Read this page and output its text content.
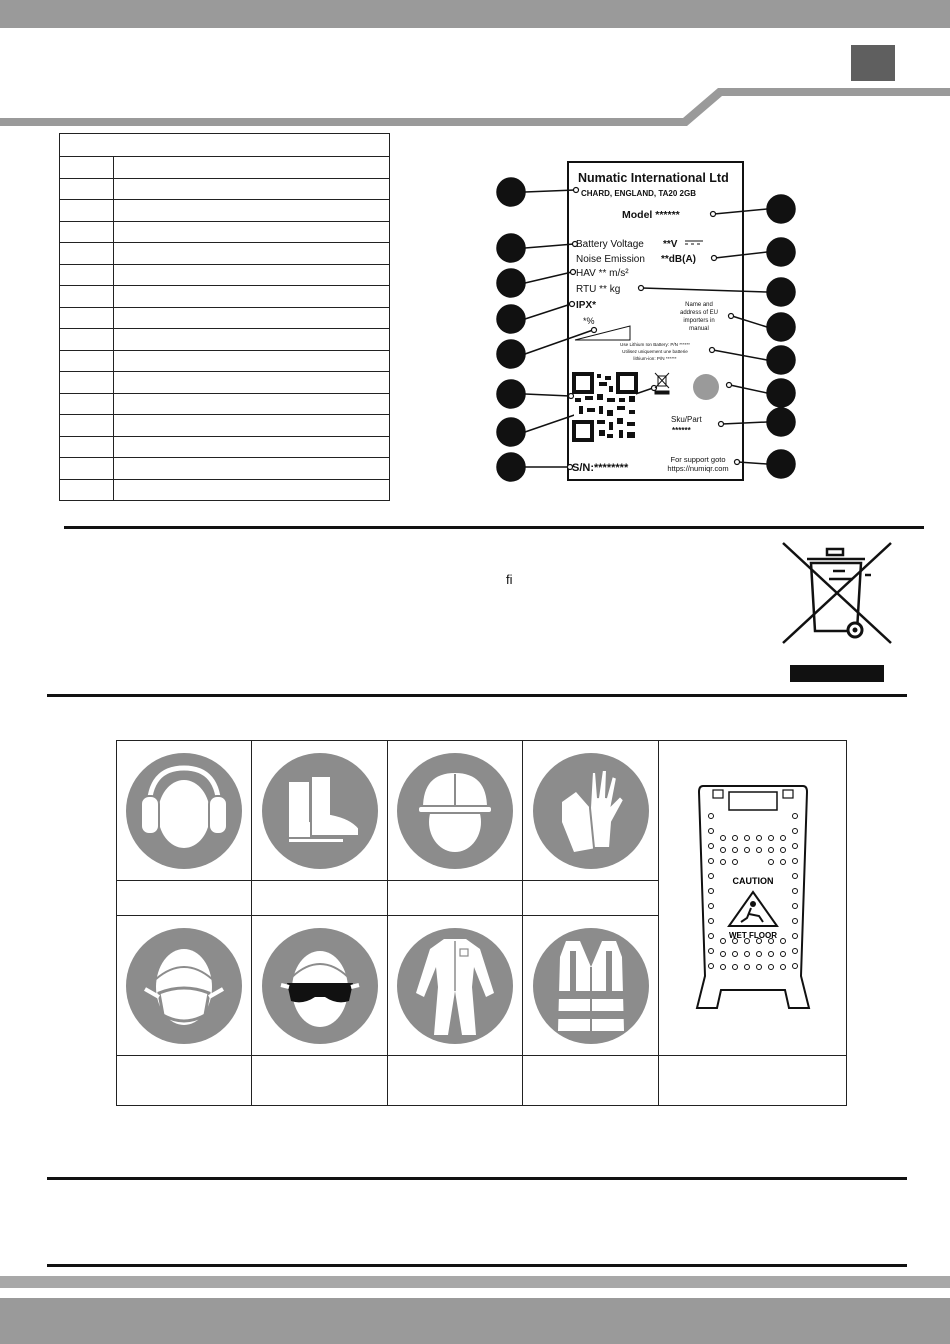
Numatic International Ltd
CHARD, ENGLAND, TA20 2GB
Model ******
Battery Voltage **V
Noise Emission **dB(A)
HAV ** m/s²
RTU ** kg
IPX*
*%
Name and
address of EU
importers in
manual
Use Lithium Ion Battery: P/N ******
Utilisez uniquement une batterie
lithium-ion: P/N ******
Sku/Part
******
S/N:********
For support goto
https://numiqr.com
ﬁ

CAUTION
WET FLOOR
